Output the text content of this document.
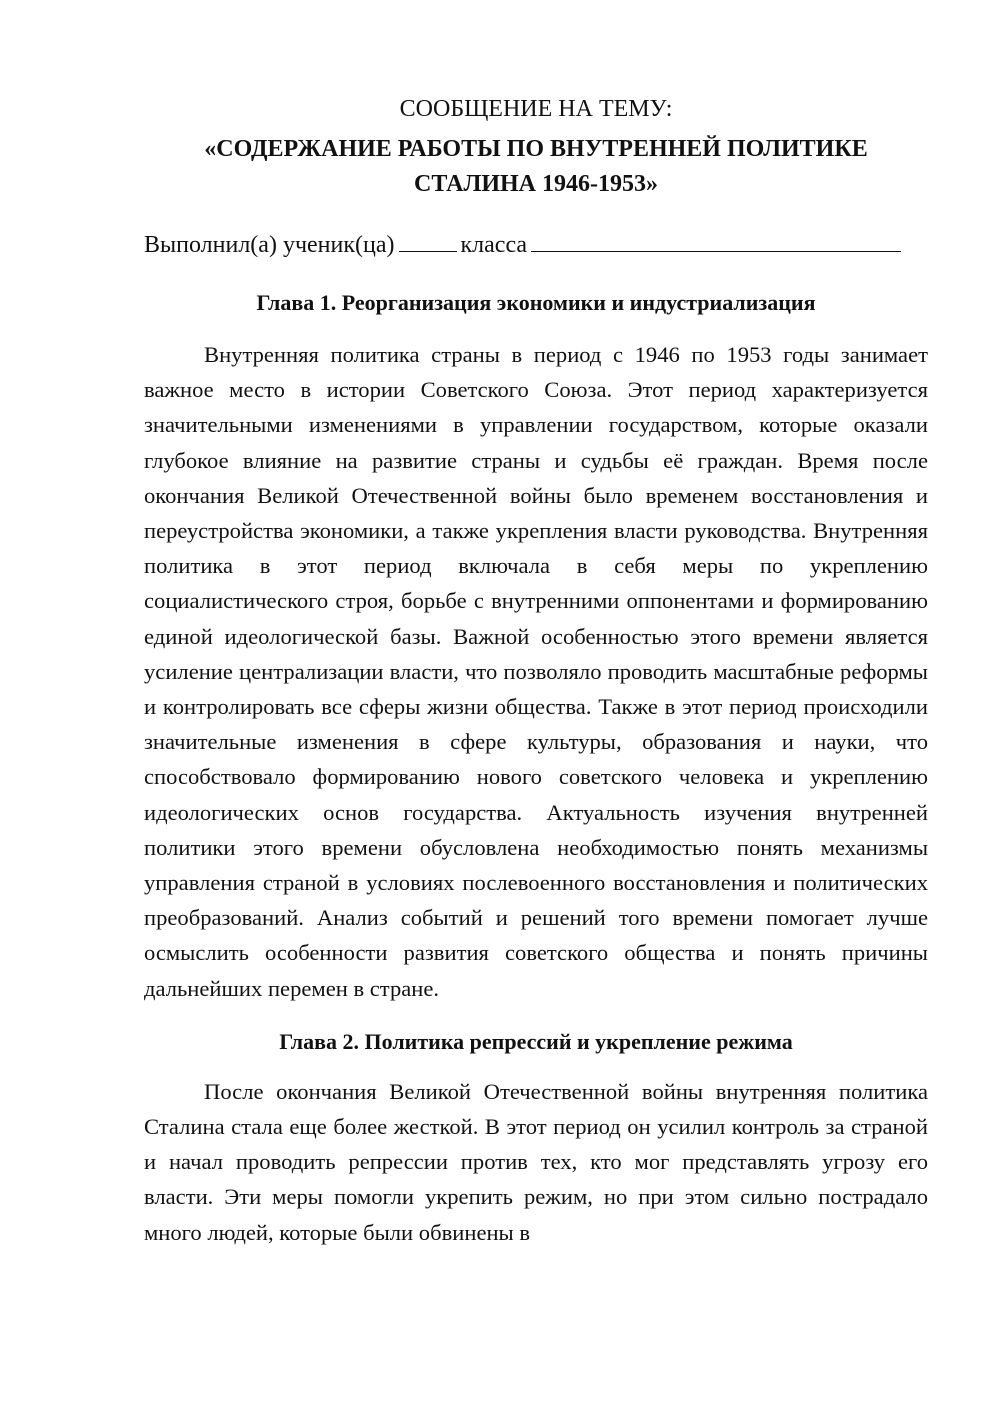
СООБЩЕНИЕ НА ТЕМУ:

«СОДЕРЖАНИЕ РАБОТЫ ПО ВНУТРЕННЕЙ ПОЛИТИКЕ

СТАЛИНА 1946-1953»

Выполнил(а) ученик(ца)	класса

Глава 1. Реорганизация экономики и индустриализация

Внутренняя политика страны в период с 1946 по 1953 годы занимает важное место в истории Советского Союза. Этот период характеризуется значительными изменениями в управлении государством, которые оказали глубокое влияние на развитие страны и судьбы её граждан. Время после окончания Великой Отечественной войны было временем восстановления и переустройства экономики, а также укрепления власти руководства. Внутренняя политика в этот период включала в себя меры по укреплению социалистического строя, борьбе с внутренними оппонентами и формированию единой идеологической базы. Важной особенностью этого времени является усиление централизации власти, что позволяло проводить масштабные реформы и контролировать все сферы жизни общества. Также в этот период происходили значительные изменения в сфере культуры, образования и науки, что способствовало формированию нового советского человека и укреплению идеологических основ государства. Актуальность изучения внутренней политики этого времени обусловлена необходимостью понять механизмы управления страной в условиях послевоенного восстановления и политических преобразований. Анализ событий и решений того времени помогает лучше осмыслить особенности развития советского общества и понять причины дальнейших перемен в стране.

Глава 2. Политика репрессий и укрепление режима

После окончания Великой Отечественной войны внутренняя политика Сталина стала еще более жесткой. В этот период он усилил контроль за страной и начал проводить репрессии против тех, кто мог представлять угрозу его власти. Эти меры помогли укрепить режим, но при этом сильно пострадало много людей, которые были обвинены в
